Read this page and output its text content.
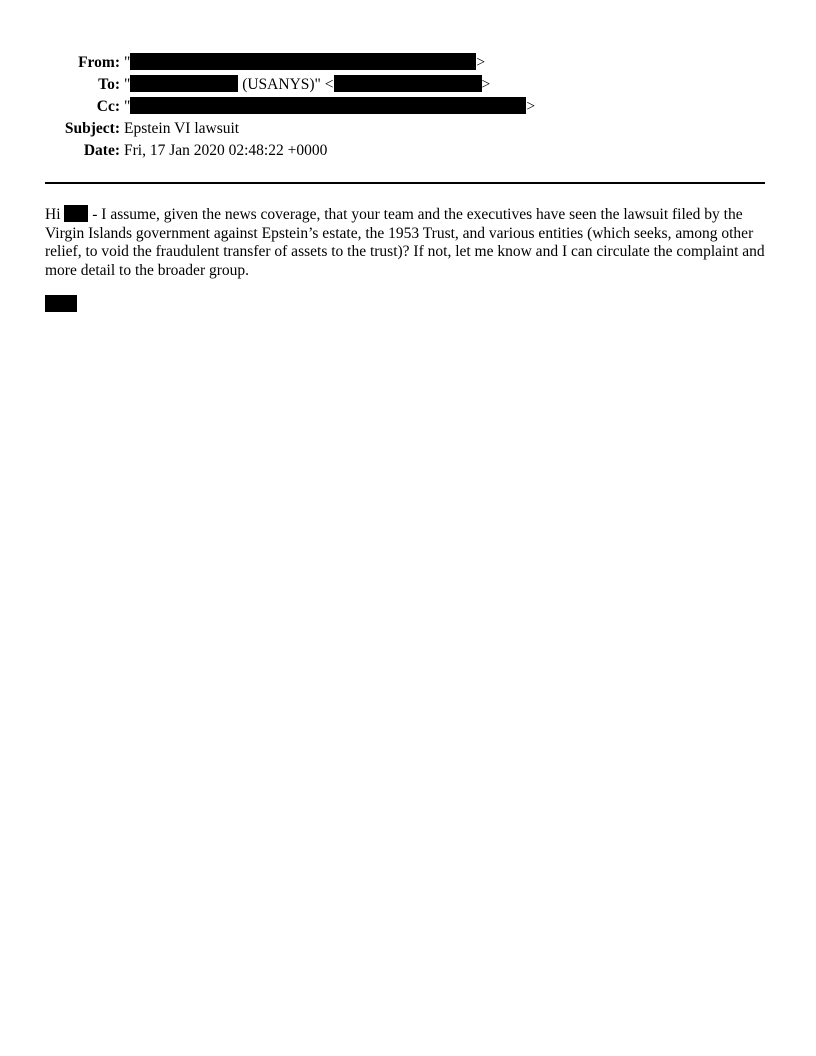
From: "	>
To: "	(USANYS)" <	>
Cc: "	>
Subject: Epstein VI lawsuit
Date: Fri, 17 Jan 2020 02:48:22 +0000
Hi  - I assume, given the news coverage, that your team and the executives have seen the lawsuit filed by the Virgin Islands government against Epstein’s estate, the 1953 Trust, and various entities (which seeks, among other relief, to void the fraudulent transfer of assets to the trust)? If not, let me know and I can circulate the complaint and more detail to the broader group.
